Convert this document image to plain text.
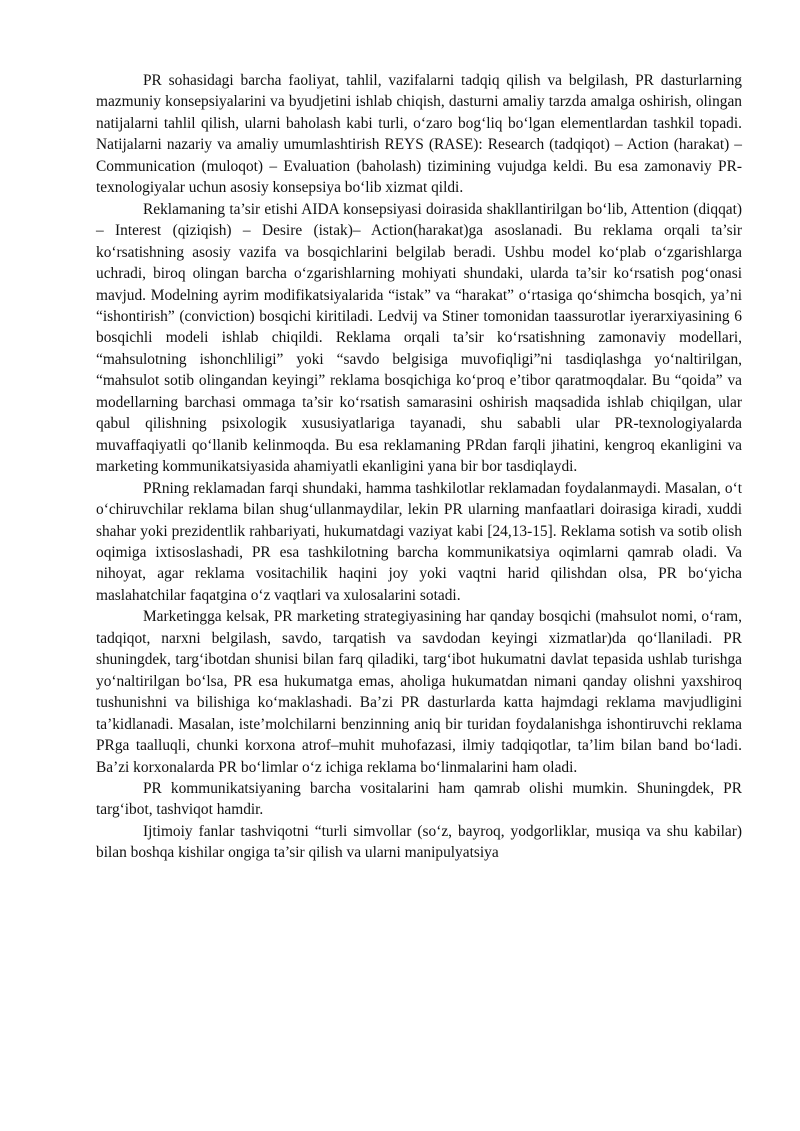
PR sohasidagi barcha faoliyat, tahlil, vazifalarni tadqiq qilish va belgilash, PR dasturlarning mazmuniy konsepsiyalarini va byudjetini ishlab chiqish, dasturni amaliy tarzda amalga oshirish, olingan natijalarni tahlil qilish, ularni baholash kabi turli, o‘zaro bog‘liq bo‘lgan elementlardan tashkil topadi. Natijalarni nazariy va amaliy umumlashtirish REYS (RASE): Research (tadqiqot) – Action (harakat) – Communication (muloqot) – Evaluation (baholash) tizimining vujudga keldi. Bu esa zamonaviy PR-texnologiyalar uchun asosiy konsepsiya bo‘lib xizmat qildi.

Reklamaning ta’sir etishi AIDA konsepsiyasi doirasida shakllantirilgan bo‘lib, Attention (diqqat) – Interest (qiziqish) – Desire (istak)– Action(harakat)ga asoslanadi. Bu reklama orqali ta’sir ko‘rsatishning asosiy vazifa va bosqichlarini belgilab beradi. Ushbu model ko‘plab o‘zgarishlarga uchradi, biroq olingan barcha o‘zgarishlarning mohiyati shundaki, ularda ta’sir ko‘rsatish pog‘onasi mavjud. Modelning ayrim modifikatsiyalarida “istak” va “harakat” o‘rtasiga qo‘shimcha bosqich, ya’ni “ishontirish” (conviction) bosqichi kiritiladi. Ledvij va Stiner tomonidan taassurotlar iyerarxiyasining 6 bosqichli modeli ishlab chiqildi. Reklama orqali ta’sir ko‘rsatishning zamonaviy modellari, “mahsulotning ishonchliligi” yoki “savdo belgisiga muvofiqligi”ni tasdiqlashga yo‘naltirilgan, “mahsulot sotib olingandan keyingi” reklama bosqichiga ko‘proq e’tibor qaratmoqdalar. Bu “qoida” va modellarning barchasi ommaga ta’sir ko‘rsatish samarasini oshirish maqsadida ishlab chiqilgan, ular qabul qilishning psixologik xususiyatlariga tayanadi, shu sababli ular PR-texnologiyalarda muvaffaqiyatli qo‘llanib kelinmoqda. Bu esa reklamaning PRdan farqli jihatini, kengroq ekanligini va marketing kommunikatsiyasida ahamiyatli ekanligini yana bir bor tasdiqlaydi.

PRning reklamadan farqi shundaki, hamma tashkilotlar reklamadan foydalanmaydi. Masalan, o‘t o‘chiruvchilar reklama bilan shug‘ullanmaydilar, lekin PR ularning manfaatlari doirasiga kiradi, xuddi shahar yoki prezidentlik rahbariyati, hukumatdagi vaziyat kabi [24,13-15]. Reklama sotish va sotib olish oqimiga ixtisoslashadi, PR esa tashkilotning barcha kommunikatsiya oqimlarni qamrab oladi. Va nihoyat, agar reklama vositachilik haqini joy yoki vaqtni harid qilishdan olsa, PR bo‘yicha maslahatchilar faqatgina o‘z vaqtlari va xulosalarini sotadi.

Marketingga kelsak, PR marketing strategiyasining har qanday bosqichi (mahsulot nomi, o‘ram, tadqiqot, narxni belgilash, savdo, tarqatish va savdodan keyingi xizmatlar)da qo‘llaniladi. PR shuningdek, targ‘ibotdan shunisi bilan farq qiladiki, targ‘ibot hukumatni davlat tepasida ushlab turishga yo‘naltirilgan bo‘lsa, PR esa hukumatga emas, aholiga hukumatdan nimani qanday olishni yaxshiroq tushunishni va bilishiga ko‘maklashadi. Ba’zi PR dasturlarda katta hajmdagi reklama mavjudligini ta’kidlanadi. Masalan, iste’molchilarni benzinning aniq bir turidan foydalanishga ishontiruvchi reklama PRga taalluqli, chunki korxona atrof–muhit muhofazasi, ilmiy tadqiqotlar, ta’lim bilan band bo‘ladi. Ba’zi korxonalarda PR bo‘limlar o‘z ichiga reklama bo‘linmalarini ham oladi.

PR kommunikatsiyaning barcha vositalarini ham qamrab olishi mumkin. Shuningdek, PR targ‘ibot, tashviqot hamdir.

Ijtimoiy fanlar tashviqotni “turli simvollar (so‘z, bayroq, yodgorliklar, musiqa va shu kabilar) bilan boshqa kishilar ongiga ta’sir qilish va ularni manipulyatsiya
